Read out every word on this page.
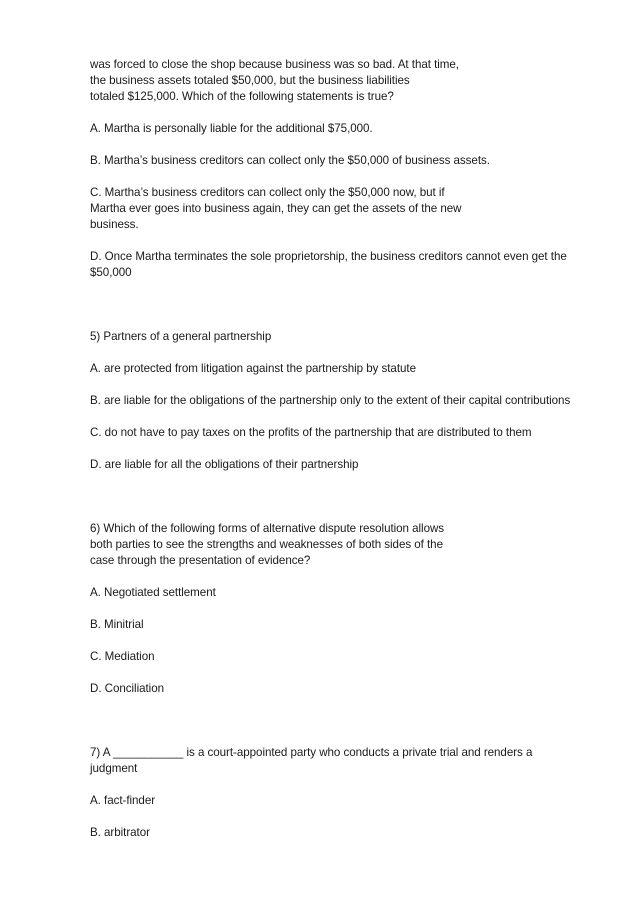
was forced to close the shop because business was so bad. At that time,
the business assets totaled $50,000, but the business liabilities
totaled $125,000. Which of the following statements is true?
A. Martha is personally liable for the additional $75,000.
B. Martha’s business creditors can collect only the $50,000 of business assets.
C. Martha’s business creditors can collect only the $50,000 now, but if
Martha ever goes into business again, they can get the assets of the new
business.
D. Once Martha terminates the sole proprietorship, the business creditors cannot even get the
$50,000
5) Partners of a general partnership
A. are protected from litigation against the partnership by statute
B. are liable for the obligations of the partnership only to the extent of their capital contributions
C. do not have to pay taxes on the profits of the partnership that are distributed to them
D. are liable for all the obligations of their partnership
6) Which of the following forms of alternative dispute resolution allows
both parties to see the strengths and weaknesses of both sides of the
case through the presentation of evidence?
A. Negotiated settlement
B. Minitrial
C. Mediation
D. Conciliation
7) A ___________ is a court-appointed party who conducts a private trial and renders a
judgment
A. fact-finder
B. arbitrator
